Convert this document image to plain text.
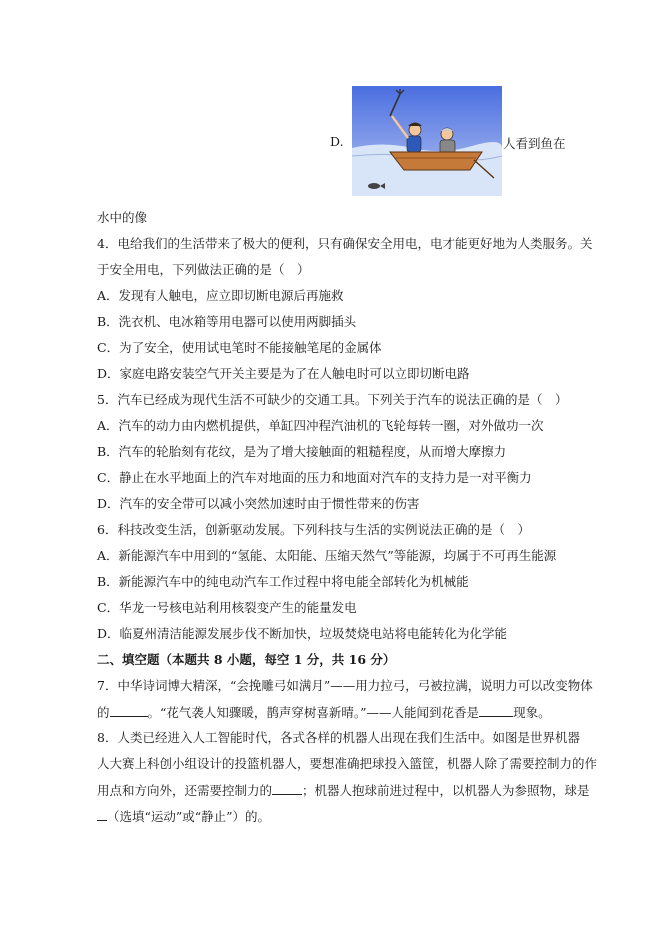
D.	人看到鱼在
水中的像
4．电给我们的生活带来了极大的便利，只有确保安全用电，电才能更好地为人类服务。关
于安全用电，下列做法正确的是（　）
A．发现有人触电，应立即切断电源后再施救
B．洗衣机、电冰箱等用电器可以使用两脚插头
C．为了安全，使用试电笔时不能接触笔尾的金属体
D．家庭电路安装空气开关主要是为了在人触电时可以立即切断电路
5．汽车已经成为现代生活不可缺少的交通工具。下列关于汽车的说法正确的是（　）
A．汽车的动力由内燃机提供，单缸四冲程汽油机的飞轮每转一圈，对外做功一次
B．汽车的轮胎刻有花纹，是为了增大接触面的粗糙程度，从而增大摩擦力
C．静止在水平地面上的汽车对地面的压力和地面对汽车的支持力是一对平衡力
D．汽车的安全带可以减小突然加速时由于惯性带来的伤害
6．科技改变生活，创新驱动发展。下列科技与生活的实例说法正确的是（　）
A．新能源汽车中用到的“氢能、太阳能、压缩天然气”等能源，均属于不可再生能源
B．新能源汽车中的纯电动汽车工作过程中将电能全部转化为机械能
C．华龙一号核电站利用核裂变产生的能量发电
D．临夏州清洁能源发展步伐不断加快，垃圾焚烧电站将电能转化为化学能
二、填空题（本题共 8 小题，每空 1 分，共 16 分）
7．中华诗词博大精深，“会挽雕弓如满月”——用力拉弓，弓被拉满，说明力可以改变物体
的	。“花气袭人知骤暖，鹊声穿树喜新晴。”——人能闻到花香是	现象。
8．人类已经进入人工智能时代，各式各样的机器人出现在我们生活中。如图是世界机器
人大赛上科创小组设计的投篮机器人，要想准确把球投入篮筐，机器人除了需要控制力的作
用点和方向外，还需要控制力的 ；机器人抱球前进过程中，以机器人为参照物，球是
（选填“运动”或“静止”）的。
